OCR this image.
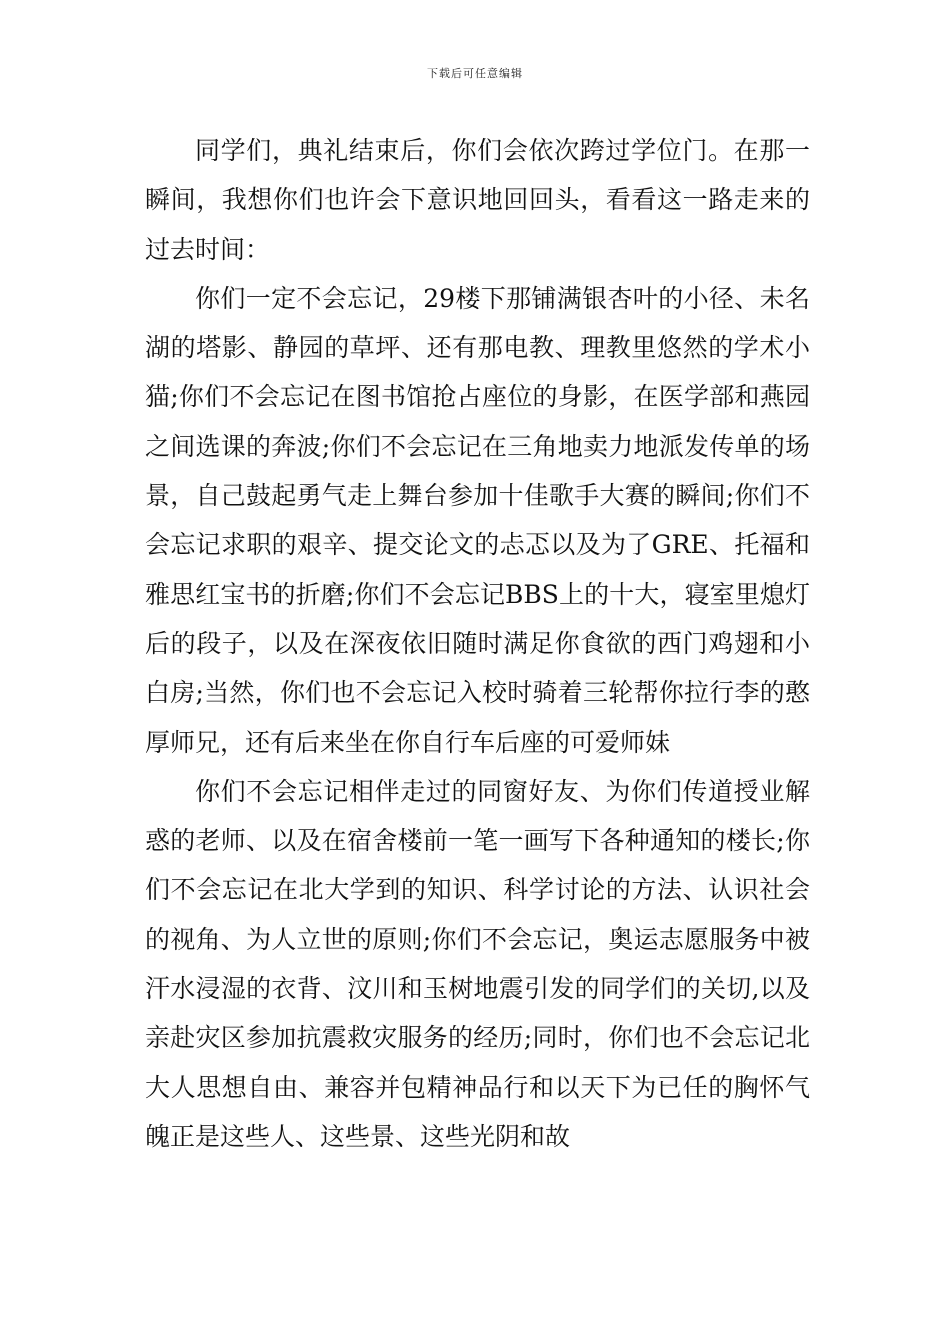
下载后可任意编辑

同学们，典礼结束后，你们会依次跨过学位门。在那一瞬间，我想你们也许会下意识地回回头，看看这一路走来的过去时间：

你们一定不会忘记，29楼下那铺满银杏叶的小径、未名湖的塔影、静园的草坪、还有那电教、理教里悠然的学术小猫;你们不会忘记在图书馆抢占座位的身影，在医学部和燕园之间选课的奔波;你们不会忘记在三角地卖力地派发传单的场景，自己鼓起勇气走上舞台参加十佳歌手大赛的瞬间;你们不会忘记求职的艰辛、提交论文的忐忑以及为了GRE、托福和雅思红宝书的折磨;你们不会忘记BBS上的十大，寝室里熄灯后的段子，以及在深夜依旧随时满足你食欲的西门鸡翅和小白房;当然，你们也不会忘记入校时骑着三轮帮你拉行李的憨厚师兄，还有后来坐在你自行车后座的可爱师妹

你们不会忘记相伴走过的同窗好友、为你们传道授业解惑的老师、以及在宿舍楼前一笔一画写下各种通知的楼长;你们不会忘记在北大学到的知识、科学讨论的方法、认识社会的视角、为人立世的原则;你们不会忘记，奥运志愿服务中被汗水浸湿的衣背、汶川和玉树地震引发的同学们的关切,以及亲赴灾区参加抗震救灾服务的经历;同时，你们也不会忘记北大人思想自由、兼容并包精神品行和以天下为已任的胸怀气魄正是这些人、这些景、这些光阴和故
